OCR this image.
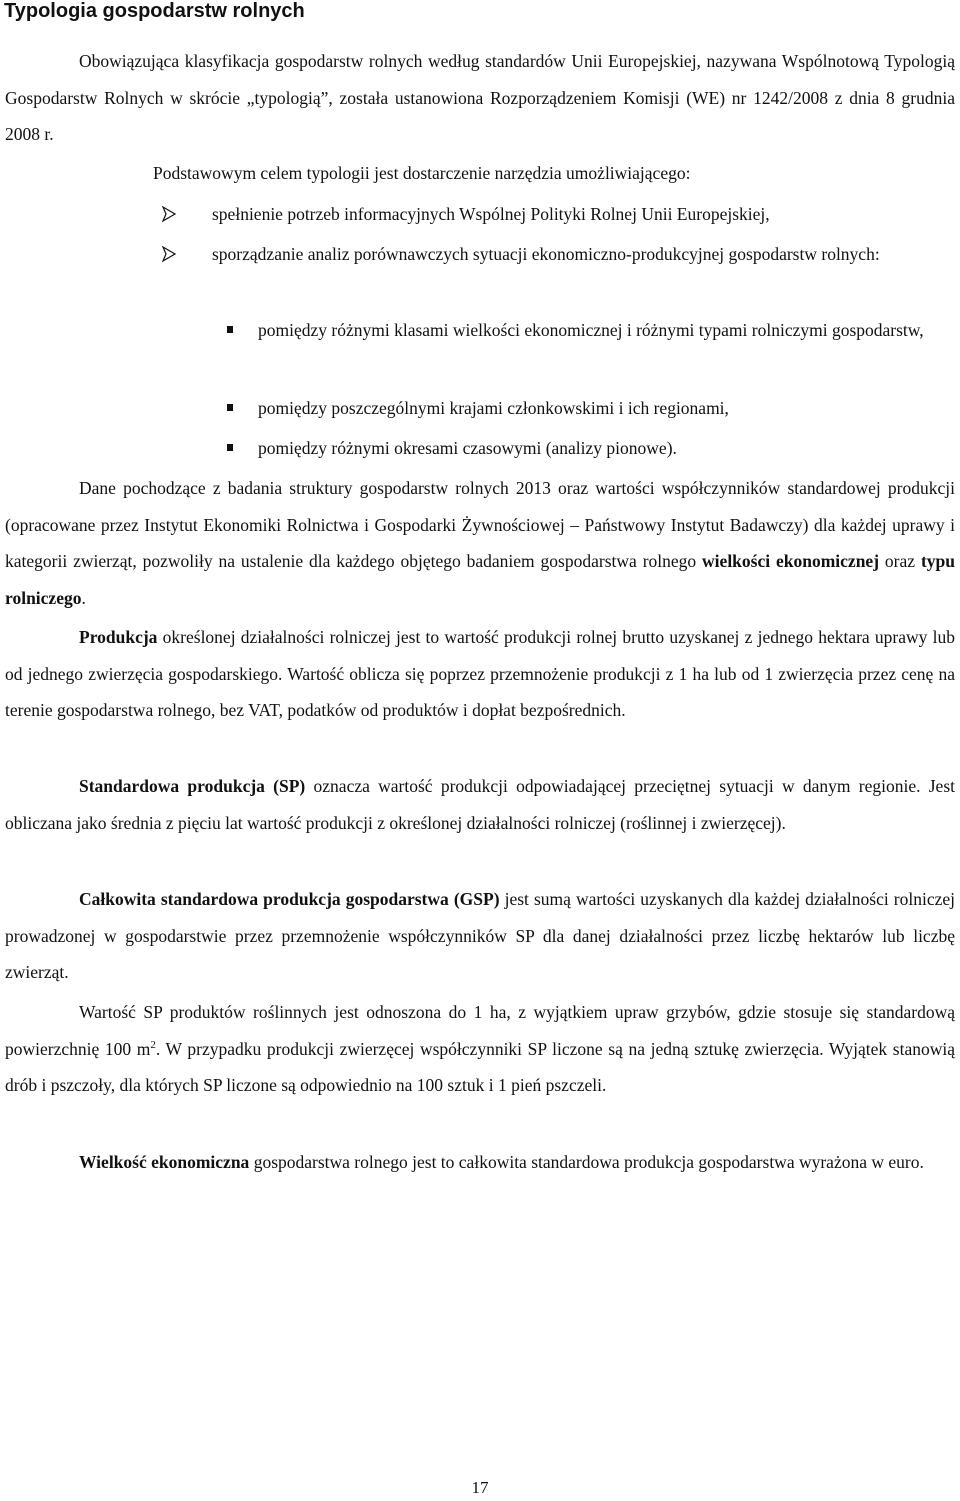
Typologia gospodarstw rolnych

Obowiązująca klasyfikacja gospodarstw rolnych według standardów Unii Europejskiej, nazywana Wspólnotową Typologią Gospodarstw Rolnych w skrócie „typologią”, została ustanowiona Rozporządzeniem Komisji (WE) nr 1242/2008 z dnia 8 grudnia 2008 r.

Podstawowym celem typologii jest dostarczenie narzędzia umożliwiającego:

spełnienie potrzeb informacyjnych Wspólnej Polityki Rolnej Unii Europejskiej,
sporządzanie analiz porównawczych sytuacji ekonomiczno-produkcyjnej gospodarstw rolnych:
pomiędzy różnymi klasami wielkości ekonomicznej i różnymi typami rolniczymi gospodarstw,
pomiędzy poszczególnymi krajami członkowskimi i ich regionami,
pomiędzy różnymi okresami czasowymi (analizy pionowe).

Dane pochodzące z badania struktury gospodarstw rolnych 2013 oraz wartości współczynników standardowej produkcji (opracowane przez Instytut Ekonomiki Rolnictwa i Gospodarki Żywnościowej – Państwowy Instytut Badawczy) dla każdej uprawy i kategorii zwierząt, pozwoliły na ustalenie dla każdego objętego badaniem gospodarstwa rolnego wielkości ekonomicznej oraz typu rolniczego.

Produkcja określonej działalności rolniczej jest to wartość produkcji rolnej brutto uzyskanej z jednego hektara uprawy lub od jednego zwierzęcia gospodarskiego. Wartość oblicza się poprzez przemnożenie produkcji z 1 ha lub od 1 zwierzęcia przez cenę na terenie gospodarstwa rolnego, bez VAT, podatków od produktów i dopłat bezpośrednich.

Standardowa produkcja (SP) oznacza wartość produkcji odpowiadającej przeciętnej sytuacji w danym regionie. Jest obliczana jako średnia z pięciu lat wartość produkcji z określonej działalności rolniczej (roślinnej i zwierzęcej).

Całkowita standardowa produkcja gospodarstwa (GSP) jest sumą wartości uzyskanych dla każdej działalności rolniczej prowadzonej w gospodarstwie przez przemnożenie współczynników SP dla danej działalności przez liczbę hektarów lub liczbę zwierząt.

Wartość SP produktów roślinnych jest odnoszona do 1 ha, z wyjątkiem upraw grzybów, gdzie stosuje się standardową powierzchnię 100 $m^2$. W przypadku produkcji zwierzęcej współczynniki SP liczone są na jedną sztukę zwierzęcia. Wyjątek stanowią drób i pszczoły, dla których SP liczone są odpowiednio na 100 sztuk i 1 pień pszczeli.

Wielkość ekonomiczna gospodarstwa rolnego jest to całkowita standardowa produkcja gospodarstwa wyrażona w euro.

17
